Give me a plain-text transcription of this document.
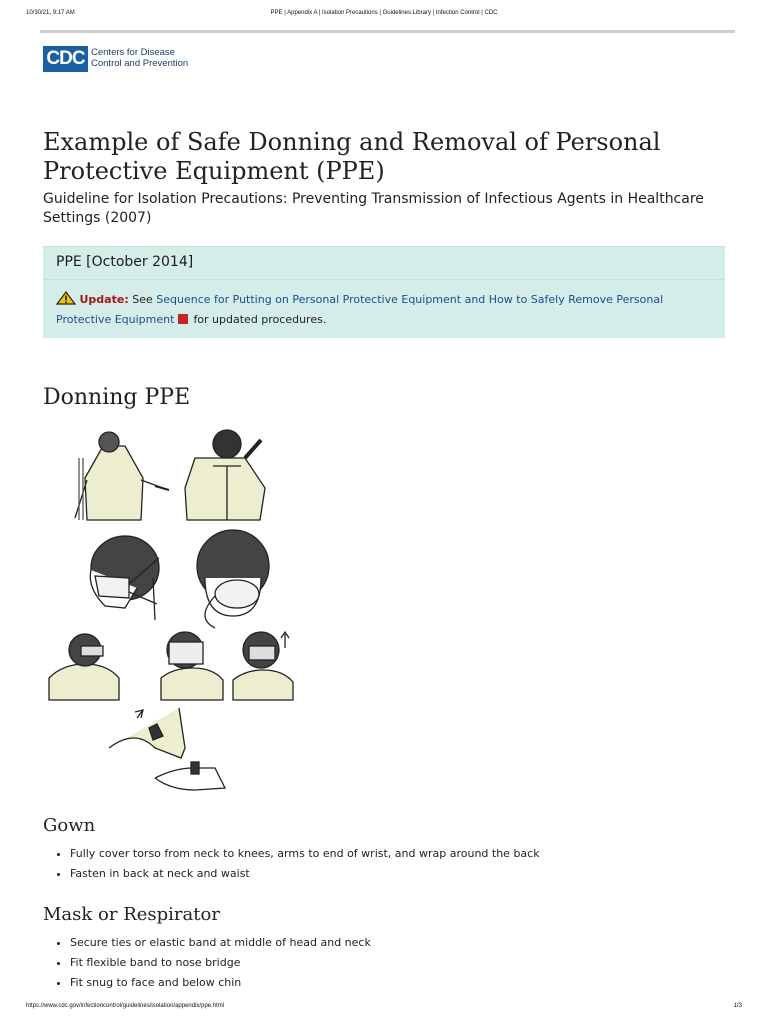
10/30/21, 9:17 AM	PPE | Appendix A | Isolation Precautions | Guidelines Library | Infection Control | CDC
CDC Centers for Disease
Control and Prevention
Example of Safe Donning and Removal of Personal Protective Equipment (PPE)
Guideline for Isolation Precautions: Preventing Transmission of Infectious Agents in Healthcare Settings (2007)
PPE [October 2014]
Update: See Sequence for Putting on Personal Protective Equipment and How to Safely Remove Personal Protective Equipment for updated procedures.
Donning PPE
Gown
• Fully cover torso from neck to knees, arms to end of wrist, and wrap around the back
• Fasten in back at neck and waist
Mask or Respirator
• Secure ties or elastic band at middle of head and neck
• Fit flexible band to nose bridge
• Fit snug to face and below chin
https://www.cdc.gov/infectioncontrol/guidelines/isolation/appendix/ppe.html	1/3
